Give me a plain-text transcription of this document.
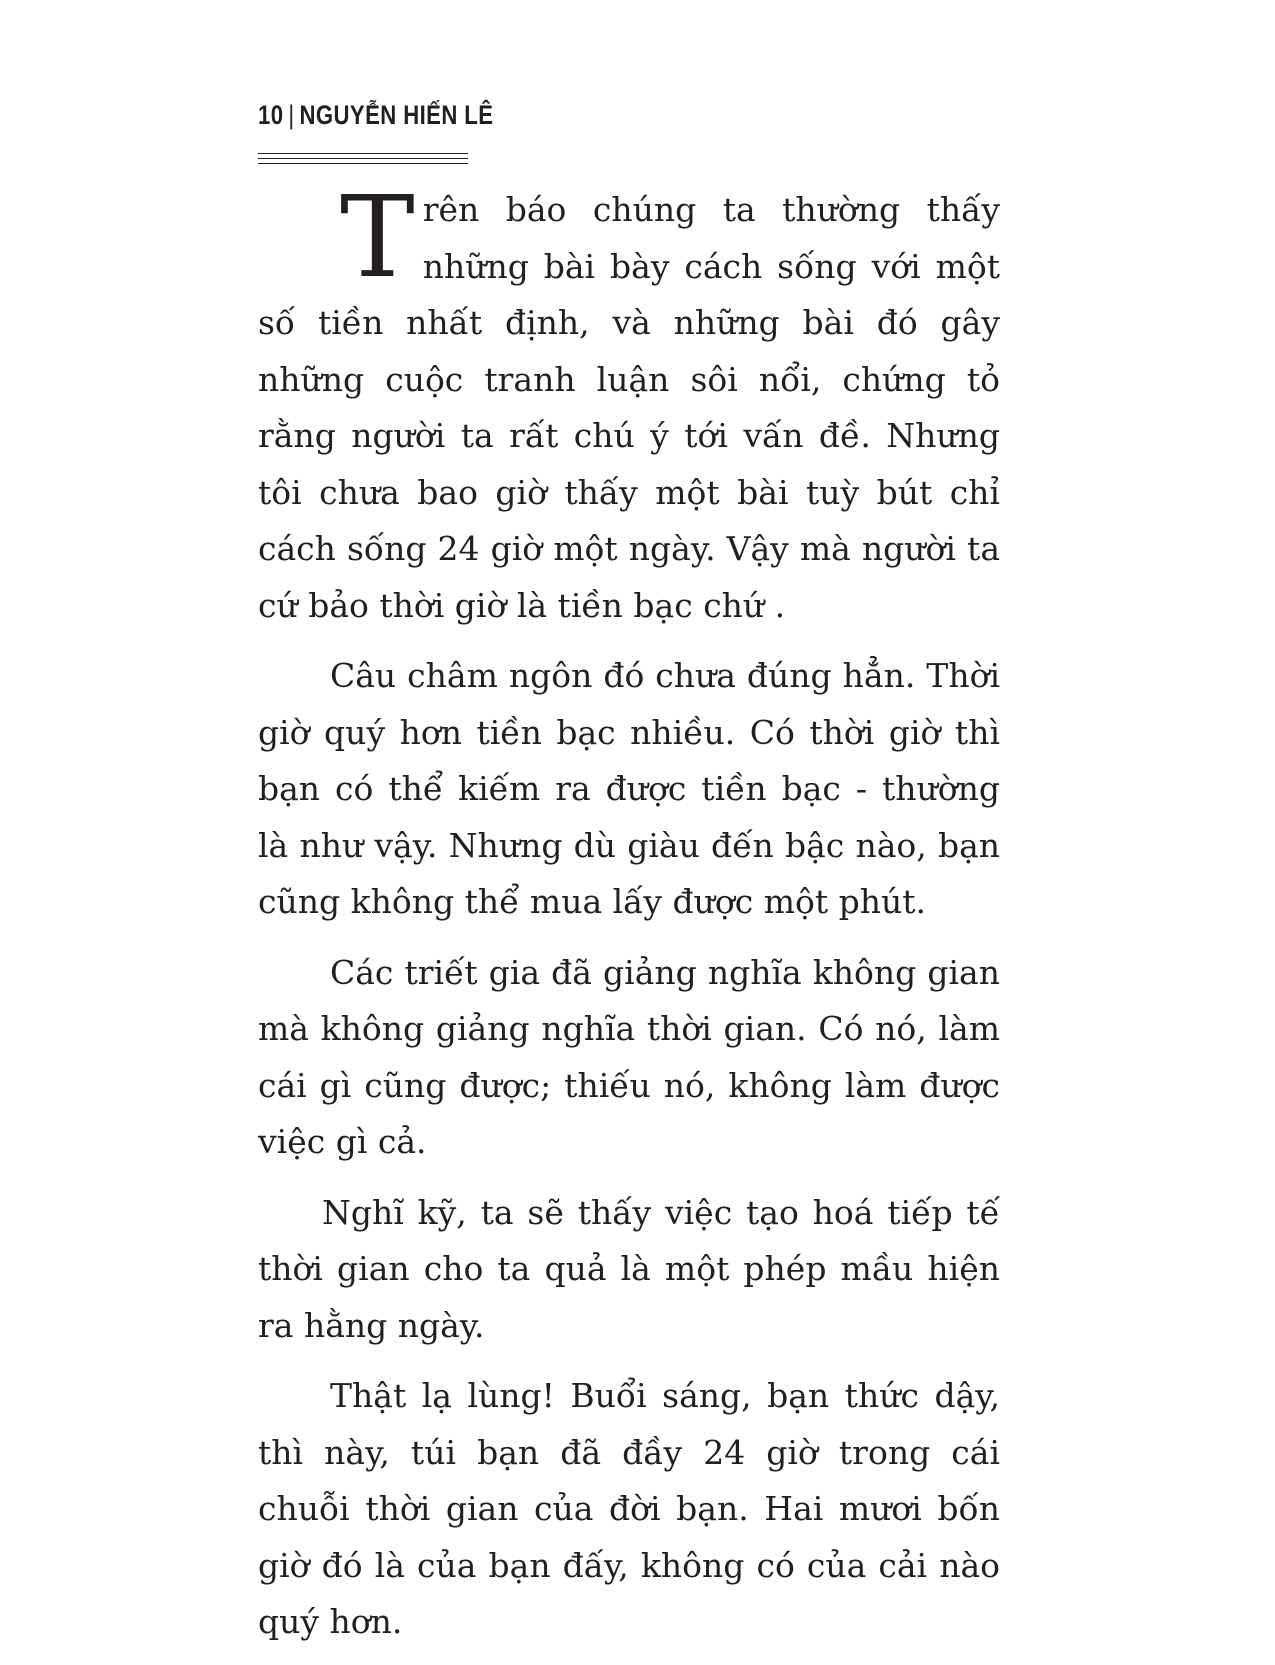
10 | NGUYỄN HIẾN LÊ

Trên báo chúng ta thường thấy những bài bày cách sống với một số tiền nhất định, và những bài đó gây những cuộc tranh luận sôi nổi, chứng tỏ rằng người ta rất chú ý tới vấn đề. Nhưng tôi chưa bao giờ thấy một bài tuỳ bút chỉ cách sống 24 giờ một ngày. Vậy mà người ta cứ bảo thời giờ là tiền bạc chứ .

Câu châm ngôn đó chưa đúng hẳn. Thời giờ quý hơn tiền bạc nhiều. Có thời giờ thì bạn có thể kiếm ra được tiền bạc - thường là như vậy. Nhưng dù giàu đến bậc nào, bạn cũng không thể mua lấy được một phút.

Các triết gia đã giảng nghĩa không gian mà không giảng nghĩa thời gian. Có nó, làm cái gì cũng được; thiếu nó, không làm được việc gì cả.

Nghĩ kỹ, ta sẽ thấy việc tạo hoá tiếp tế thời gian cho ta quả là một phép mầu hiện ra hằng ngày.

Thật lạ lùng! Buổi sáng, bạn thức dậy, thì này, túi bạn đã đầy 24 giờ trong cái chuỗi thời gian của đời bạn. Hai mươi bốn giờ đó là của bạn đấy, không có của cải nào quý hơn.
